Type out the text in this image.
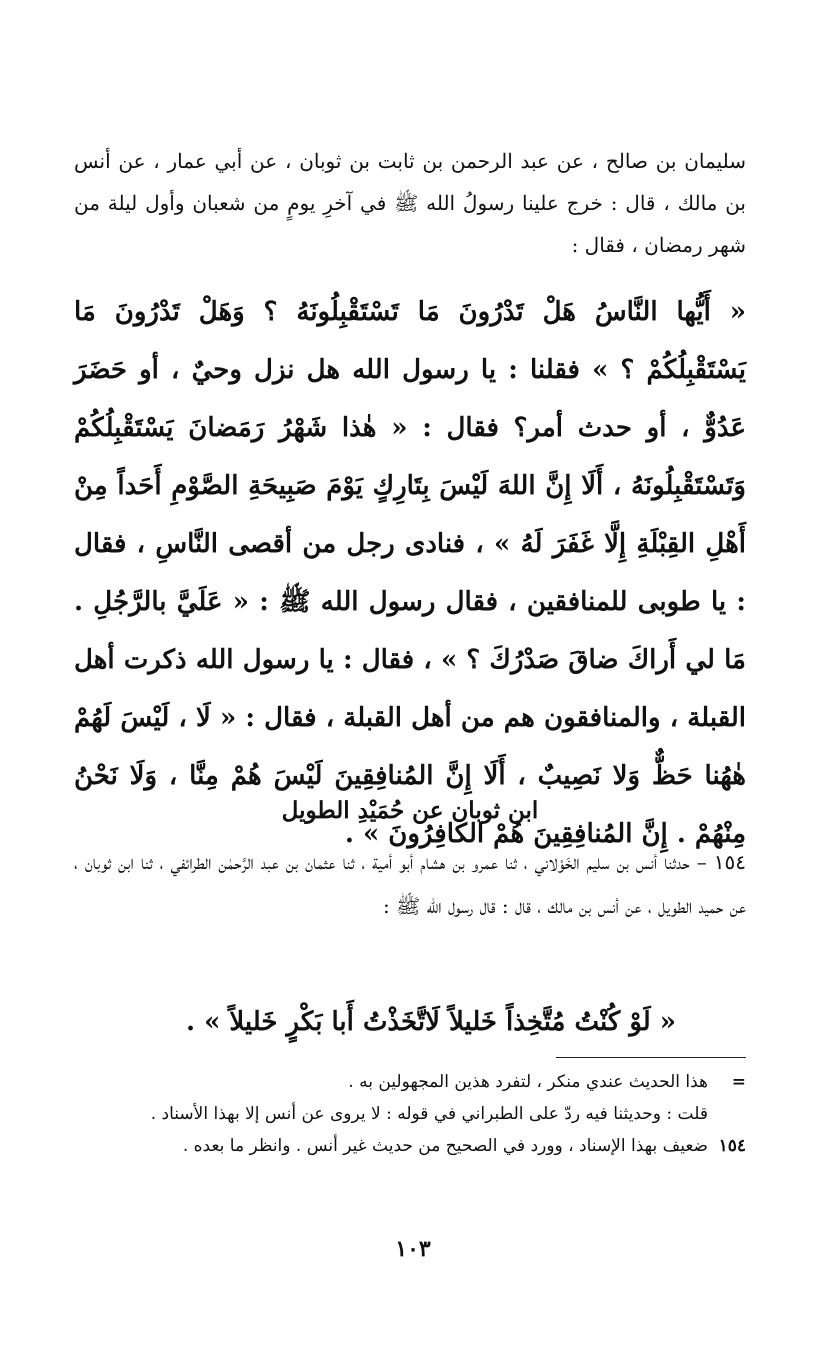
سليمان بن صالح ، عن عبد الرحمن بن ثابت بن ثوبان ، عن أبي عمار ، عن أنس بن مالك ، قال : خرج علينا رسولُ الله ﷺ في آخرِ يومٍ من شعبان وأول ليلة من شهر رمضان ، فقال :

« أَيُّها النَّاسُ هَلْ تَدْرُونَ مَا تَسْتَقْبِلُونَهُ ؟ وَهَلْ تَدْرُونَ مَا يَسْتَقْبِلُكُمْ ؟ » فقلنا : يا رسول الله هل نزل وحيٌ ، أو حَضَرَ عَدُوٌّ ، أو حدث أمر؟ فقال : « هٰذا شَهْرُ رَمَضانَ يَسْتَقْبِلُكُمْ وَتَسْتَقْبِلُونَهُ ، أَلَا إِنَّ اللهَ لَيْسَ بِتَارِكٍ يَوْمَ صَبِيحَةِ الصَّوْمِ أَحَداً مِنْ أَهْلِ القِبْلَةِ إِلَّا غَفَرَ لَهُ » ، فنادى رجل من أقصى النَّاسِ ، فقال : يا طوبى للمنافقين ، فقال رسول الله ﷺ : « عَلَيَّ بالرَّجُلِ . مَا لي أَراكَ ضاقَ صَدْرُكَ ؟ » ، فقال : يا رسول الله ذكرت أهل القبلة ، والمنافقون هم من أهل القبلة ، فقال : « لَا ، لَيْسَ لَهُمْ هٰهُنا حَظٌّ وَلا نَصِيبٌ ، أَلَا إِنَّ المُنافِقِينَ لَيْسَ هُمْ مِنَّا ، وَلَا نَحْنُ مِنْهُمْ . إِنَّ المُنافِقِينَ هُمْ الكافِرُونَ » .

ابن ثوبان عن حُمَيْدِ الطويل

١٥٤ – حدثنا أنس بن سليم الخَوْلاني ، ثنا عمرو بن هشام أبو أمية ، ثنا عثمان بن عبد الرَّحمٰن الطرائفي ، ثنا ابن ثوبان ، عن حميد الطويل ، عن أنس بن مالك ، قال : قال رسول الله ﷺ :

« لَوْ كُنْتُ مُتَّخِذاً خَليلاً لَاتَّخَذْتُ أَبا بَكْرٍ خَليلاً » .

=هذا الحديث عندي منكر ، لتفرد هذين المجهولين به .
قلت : وحديثنا فيه ردّ على الطبراني في قوله : لا يروى عن أنس إلا بهذا الأسناد .
١٥٤ضعيف بهذا الإسناد ، وورد في الصحيح من حديث غير أنس . وانظر ما بعده .
١٠٣
